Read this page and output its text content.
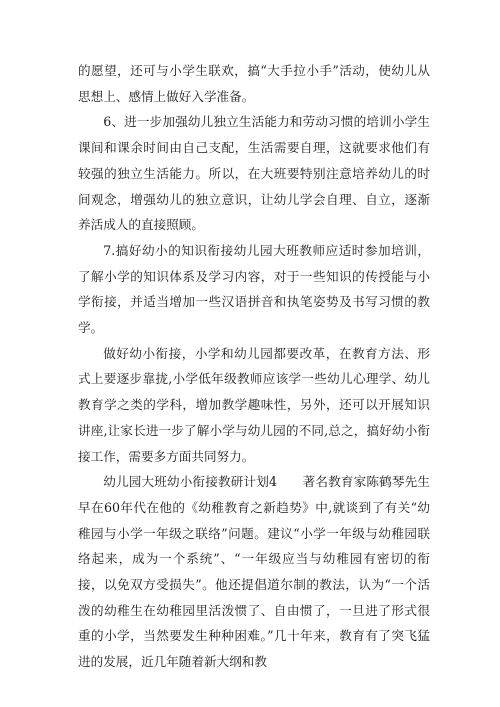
的愿望，还可与小学生联欢，搞“大手拉小手”活动，使幼儿从思想上、感情上做好入学准备。

6、进一步加强幼儿独立生活能力和劳动习惯的培训小学生课间和课余时间由自己支配，生活需要自理，这就要求他们有较强的独立生活能力。所以，在大班要特别注意培养幼儿的时间观念，增强幼儿的独立意识，让幼儿学会自理、自立，逐渐养活成人的直接照顾。

7.搞好幼小的知识衔接幼儿园大班教师应适时参加培训，了解小学的知识体系及学习内容，对于一些知识的传授能与小学衔接，并适当增加一些汉语拼音和执笔姿势及书写习惯的教学。

做好幼小衔接，小学和幼儿园都要改革，在教育方法、形式上要逐步靠拢,小学低年级教师应该学一些幼儿心理学、幼儿教育学之类的学科，增加教学趣味性，另外，还可以开展知识讲座,让家长进一步了解小学与幼儿园的不同,总之，搞好幼小衔接工作，需要多方面共同努力。

幼儿园大班幼小衔接教研计划4　　著名教育家陈鹤琴先生早在60年代在他的《幼稚教育之新趋势》中,就谈到了有关“幼稚园与小学一年级之联络”问题。建议“小学一年级与幼稚园联络起来，成为一个系统”、“一年级应当与幼稚园有密切的衔接，以免双方受损失”。他还提倡道尔制的教法，认为“一个活泼的幼稚生在幼稚园里活泼惯了、自由惯了，一旦进了形式很重的小学，当然要发生种种困难。”几十年来，教育有了突飞猛进的发展，近几年随着新大纲和教
